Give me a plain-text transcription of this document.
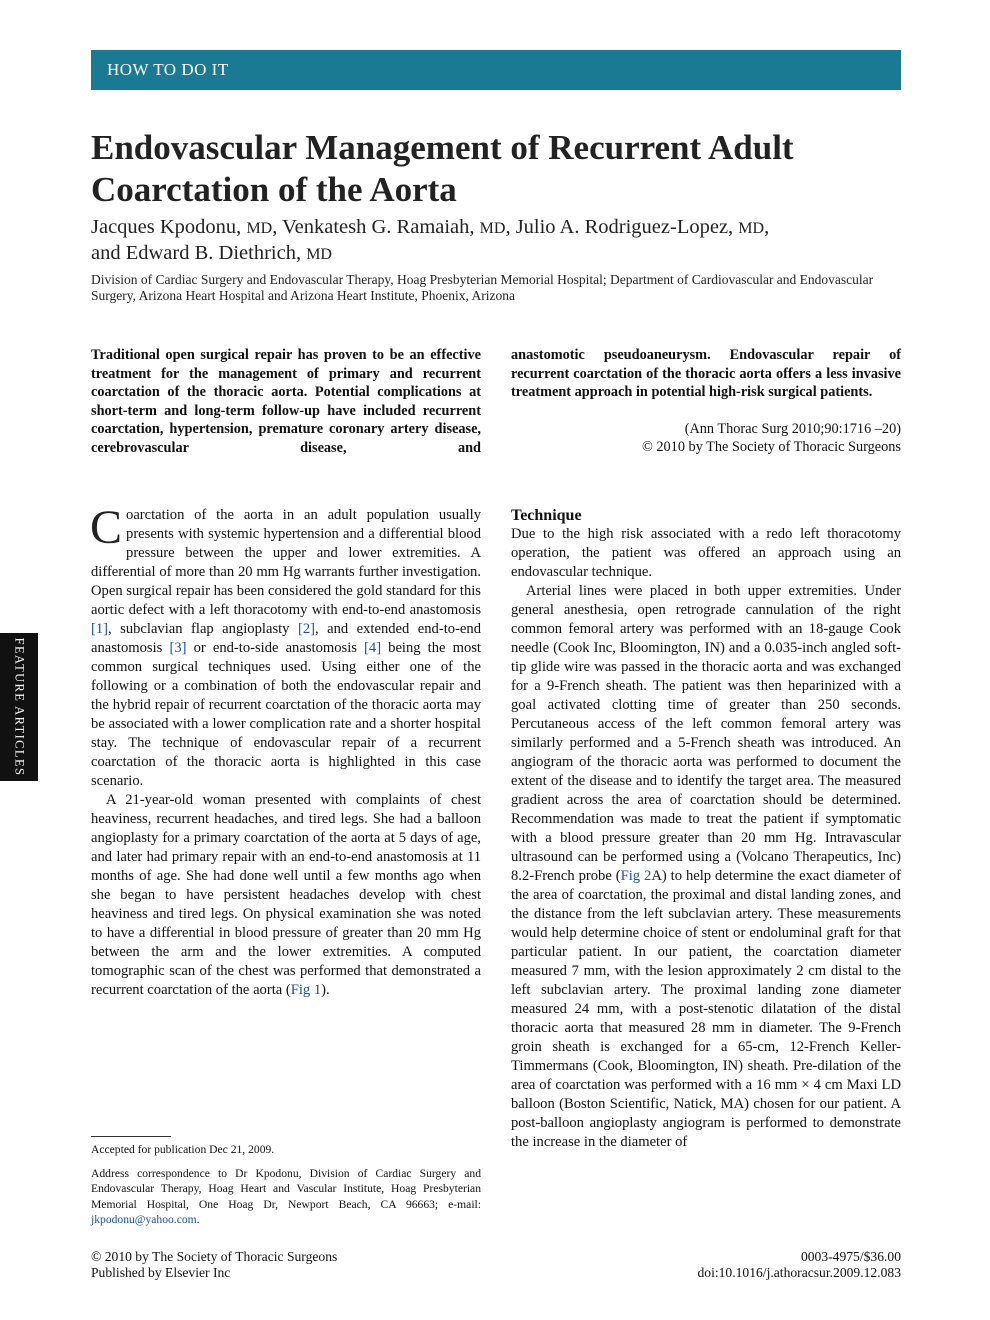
HOW TO DO IT
Endovascular Management of Recurrent Adult Coarctation of the Aorta

Jacques Kpodonu, MD, Venkatesh G. Ramaiah, MD, Julio A. Rodriguez-Lopez, MD,
and Edward B. Diethrich, MD

Division of Cardiac Surgery and Endovascular Therapy, Hoag Presbyterian Memorial Hospital; Department of Cardiovascular and Endovascular Surgery, Arizona Heart Hospital and Arizona Heart Institute, Phoenix, Arizona

Traditional open surgical repair has proven to be an effective treatment for the management of primary and recurrent coarctation of the thoracic aorta. Potential complications at short-term and long-term follow-up have included recurrent coarctation, hypertension, premature coronary artery disease, cerebrovascular disease, and

anastomotic pseudoaneurysm. Endovascular repair of recurrent coarctation of the thoracic aorta offers a less invasive treatment approach in potential high-risk surgical patients.

(Ann Thorac Surg 2010;90:1716 –20)

© 2010 by The Society of Thoracic Surgeons

FEATURE ARTICLES

Coarctation of the aorta in an adult population usually presents with systemic hypertension and a differential blood pressure between the upper and lower extremities. A differential of more than 20 mm Hg warrants further investigation. Open surgical repair has been considered the gold standard for this aortic defect with a left thoracotomy with end-to-end anastomosis [1], subclavian flap angioplasty [2], and extended end-to-end anastomosis [3] or end-to-side anastomosis [4] being the most common surgical techniques used. Using either one of the following or a combination of both the endovascular repair and the hybrid repair of recurrent coarctation of the thoracic aorta may be associated with a lower complication rate and a shorter hospital stay. The technique of endovascular repair of a recurrent coarctation of the thoracic aorta is highlighted in this case scenario.

A 21-year-old woman presented with complaints of chest heaviness, recurrent headaches, and tired legs. She had a balloon angioplasty for a primary coarctation of the aorta at 5 days of age, and later had primary repair with an end-to-end anastomosis at 11 months of age. She had done well until a few months ago when she began to have persistent headaches develop with chest heaviness and tired legs. On physical examination she was noted to have a differential in blood pressure of greater than 20 mm Hg between the arm and the lower extremities. A computed tomographic scan of the chest was performed that demonstrated a recurrent coarctation of the aorta (Fig 1).

Technique

Due to the high risk associated with a redo left thoracotomy operation, the patient was offered an approach using an endovascular technique.

Arterial lines were placed in both upper extremities. Under general anesthesia, open retrograde cannulation of the right common femoral artery was performed with an 18-gauge Cook needle (Cook Inc, Bloomington, IN) and a 0.035-inch angled soft-tip glide wire was passed in the thoracic aorta and was exchanged for a 9-French sheath. The patient was then heparinized with a goal activated clotting time of greater than 250 seconds. Percutaneous access of the left common femoral artery was similarly performed and a 5-French sheath was introduced. An angiogram of the thoracic aorta was performed to document the extent of the disease and to identify the target area. The measured gradient across the area of coarctation should be determined. Recommendation was made to treat the patient if symptomatic with a blood pressure greater than 20 mm Hg. Intravascular ultrasound can be performed using a (Volcano Therapeutics, Inc) 8.2-French probe (Fig 2A) to help determine the exact diameter of the area of coarctation, the proximal and distal landing zones, and the distance from the left subclavian artery. These measurements would help determine choice of stent or endoluminal graft for that particular patient. In our patient, the coarctation diameter measured 7 mm, with the lesion approximately 2 cm distal to the left subclavian artery. The proximal landing zone diameter measured 24 mm, with a post-stenotic dilatation of the distal thoracic aorta that measured 28 mm in diameter. The 9-French groin sheath is exchanged for a 65-cm, 12-French Keller-Timmermans (Cook, Bloomington, IN) sheath. Pre-dilation of the area of coarctation was performed with a 16 mm × 4 cm Maxi LD balloon (Boston Scientific, Natick, MA) chosen for our patient. A post-balloon angioplasty angiogram is performed to demonstrate the increase in the diameter of

Accepted for publication Dec 21, 2009.

Address correspondence to Dr Kpodonu, Division of Cardiac Surgery and Endovascular Therapy, Hoag Heart and Vascular Institute, Hoag Presbyterian Memorial Hospital, One Hoag Dr, Newport Beach, CA 96663; e-mail: jkpodonu@yahoo.com.

© 2010 by The Society of Thoracic Surgeons
Published by Elsevier Inc
0003-4975/$36.00
doi:10.1016/j.athoracsur.2009.12.083
